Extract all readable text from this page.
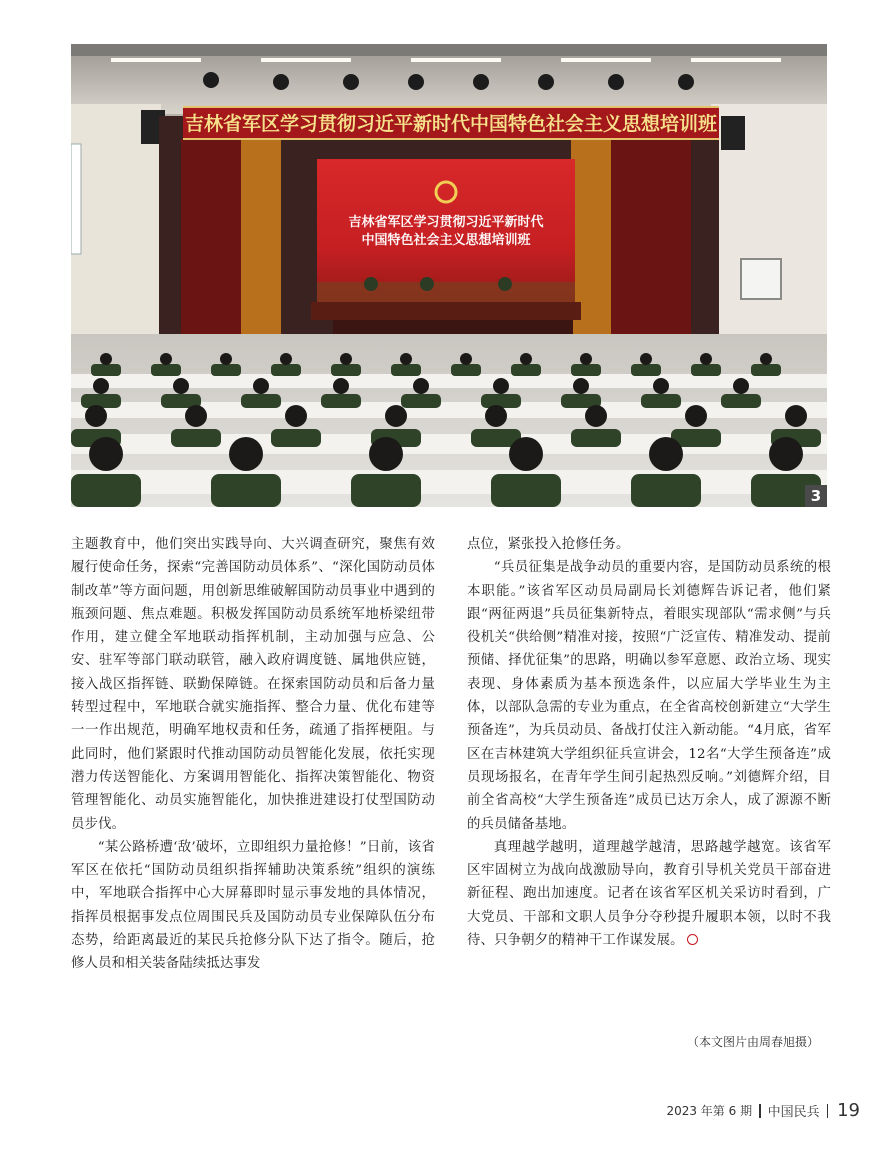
吉林省军区学习贯彻习近平新时代中国特色社会主义思想培训班
吉林省军区学习贯彻习近平新时代
中国特色社会主义思想培训班
3

主题教育中，他们突出实践导向、大兴调查研究，聚焦有效履行使命任务，探索“完善国防动员体系”、“深化国防动员体制改革”等方面问题，用创新思维破解国防动员事业中遇到的瓶颈问题、焦点难题。积极发挥国防动员系统军地桥梁纽带作用，建立健全军地联动指挥机制，主动加强与应急、公安、驻军等部门联动联管，融入政府调度链、属地供应链，接入战区指挥链、联勤保障链。在探索国防动员和后备力量转型过程中，军地联合就实施指挥、整合力量、优化布建等一一作出规范，明确军地权责和任务，疏通了指挥梗阻。与此同时，他们紧跟时代推动国防动员智能化发展，依托实现潜力传送智能化、方案调用智能化、指挥决策智能化、物资管理智能化、动员实施智能化，加快推进建设打仗型国防动员步伐。

“某公路桥遭‘敌’破坏，立即组织力量抢修！”日前，该省军区在依托“国防动员组织指挥辅助决策系统”组织的演练中，军地联合指挥中心大屏幕即时显示事发地的具体情况，指挥员根据事发点位周围民兵及国防动员专业保障队伍分布态势，给距离最近的某民兵抢修分队下达了指令。随后，抢修人员和相关装备陆续抵达事发

点位，紧张投入抢修任务。

“兵员征集是战争动员的重要内容，是国防动员系统的根本职能。”该省军区动员局副局长刘德辉告诉记者，他们紧跟“两征两退”兵员征集新特点，着眼实现部队“需求侧”与兵役机关“供给侧”精准对接，按照“广泛宣传、精准发动、提前预储、择优征集”的思路，明确以参军意愿、政治立场、现实表现、身体素质为基本预选条件，以应届大学毕业生为主体，以部队急需的专业为重点，在全省高校创新建立“大学生预备连”，为兵员动员、备战打仗注入新动能。“4月底，省军区在吉林建筑大学组织征兵宣讲会，12名“大学生预备连”成员现场报名，在青年学生间引起热烈反响。”刘德辉介绍，目前全省高校“大学生预备连”成员已达万余人，成了源源不断的兵员储备基地。

真理越学越明，道理越学越清，思路越学越宽。该省军区牢固树立为战向战激励导向，教育引导机关党员干部奋进新征程、跑出加速度。记者在该省军区机关采访时看到，广大党员、干部和文职人员争分夺秒提升履职本领，以时不我待、只争朝夕的精神干工作谋发展。

（本文图片由周春旭摄）
2023 年第 6 期 中国民兵 19
